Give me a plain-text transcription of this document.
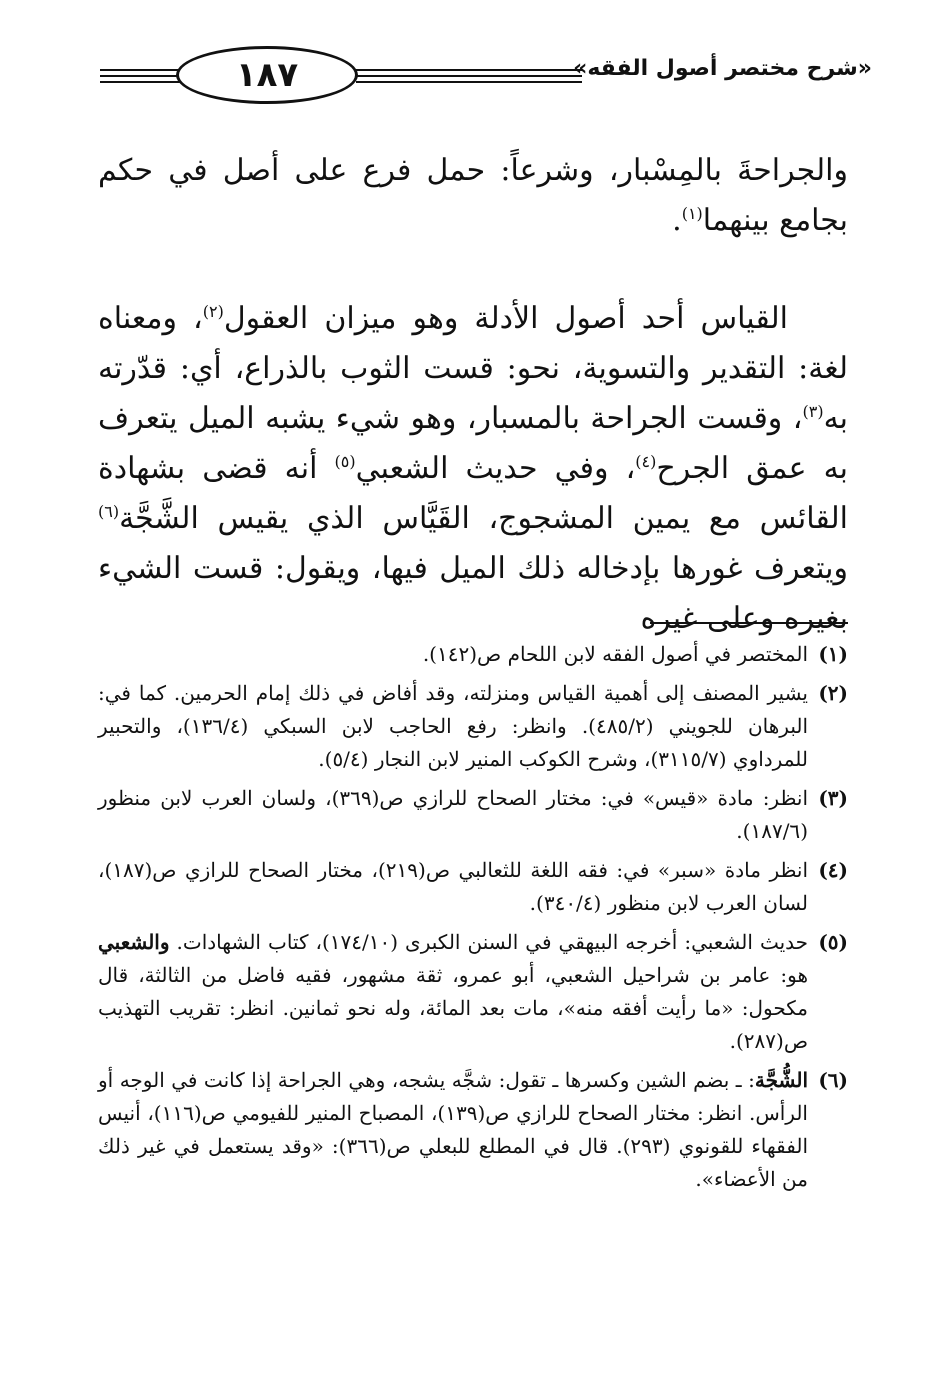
١٨٧	«شرح مختصر أصول الفقه»

والجراحةَ بالمِسْبار، وشرعاً: حمل فرع على أصل في حكم بجامع بينهما$^{(١)}$.

القياس أحد أصول الأدلة وهو ميزان العقول$^{(٢)}$، ومعناه لغة: التقدير والتسوية، نحو: قست الثوب بالذراع، أي: قدّرته به$^{(٣)}$، وقست الجراحة بالمسبار، وهو شيء يشبه الميل يتعرف به عمق الجرح$^{(٤)}$، وفي حديث الشعبي$^{(٥)}$ أنه قضى بشهادة القائس مع يمين المشجوج، القَيَّاس الذي يقيس الشَّجَّة$^{(٦)}$ ويتعرف غورها بإدخاله ذلك الميل فيها، ويقول: قست الشيء بغيره وعلى غيره

(١)
المختصر في أصول الفقه لابن اللحام ص(١٤٢).
(٢)
يشير المصنف إلى أهمية القياس ومنزلته، وقد أفاض في ذلك إمام الحرمين. كما في: البرهان للجويني (٤٨٥/٢). وانظر: رفع الحاجب لابن السبكي (١٣٦/٤)، والتحبير للمرداوي (٣١١٥/٧)، وشرح الكوكب المنير لابن النجار (٥/٤).
(٣)
انظر: مادة «قيس» في: مختار الصحاح للرازي ص(٣٦٩)، ولسان العرب لابن منظور (١٨٧/٦).
(٤)
انظر مادة «سبر» في: فقه اللغة للثعالبي ص(٢١٩)، مختار الصحاح للرازي ص(١٨٧)، لسان العرب لابن منظور (٣٤٠/٤).
(٥)
حديث الشعبي: أخرجه البيهقي في السنن الكبرى (١٧٤/١٠)، كتاب الشهادات. والشعبي هو: عامر بن شراحيل الشعبي، أبو عمرو، ثقة مشهور، فقيه فاضل من الثالثة، قال مكحول: «ما رأيت أفقه منه»، مات بعد المائة، وله نحو ثمانين. انظر: تقريب التهذيب ص(٢٨٧).
(٦)
الشُّجَّة: ـ بضم الشين وكسرها ـ تقول: شجَّه يشجه، وهي الجراحة إذا كانت في الوجه أو الرأس. انظر: مختار الصحاح للرازي ص(١٣٩)، المصباح المنير للفيومي ص(١١٦)، أنيس الفقهاء للقونوي (٢٩٣). قال في المطلع للبعلي ص(٣٦٦): «وقد يستعمل في غير ذلك من الأعضاء».
